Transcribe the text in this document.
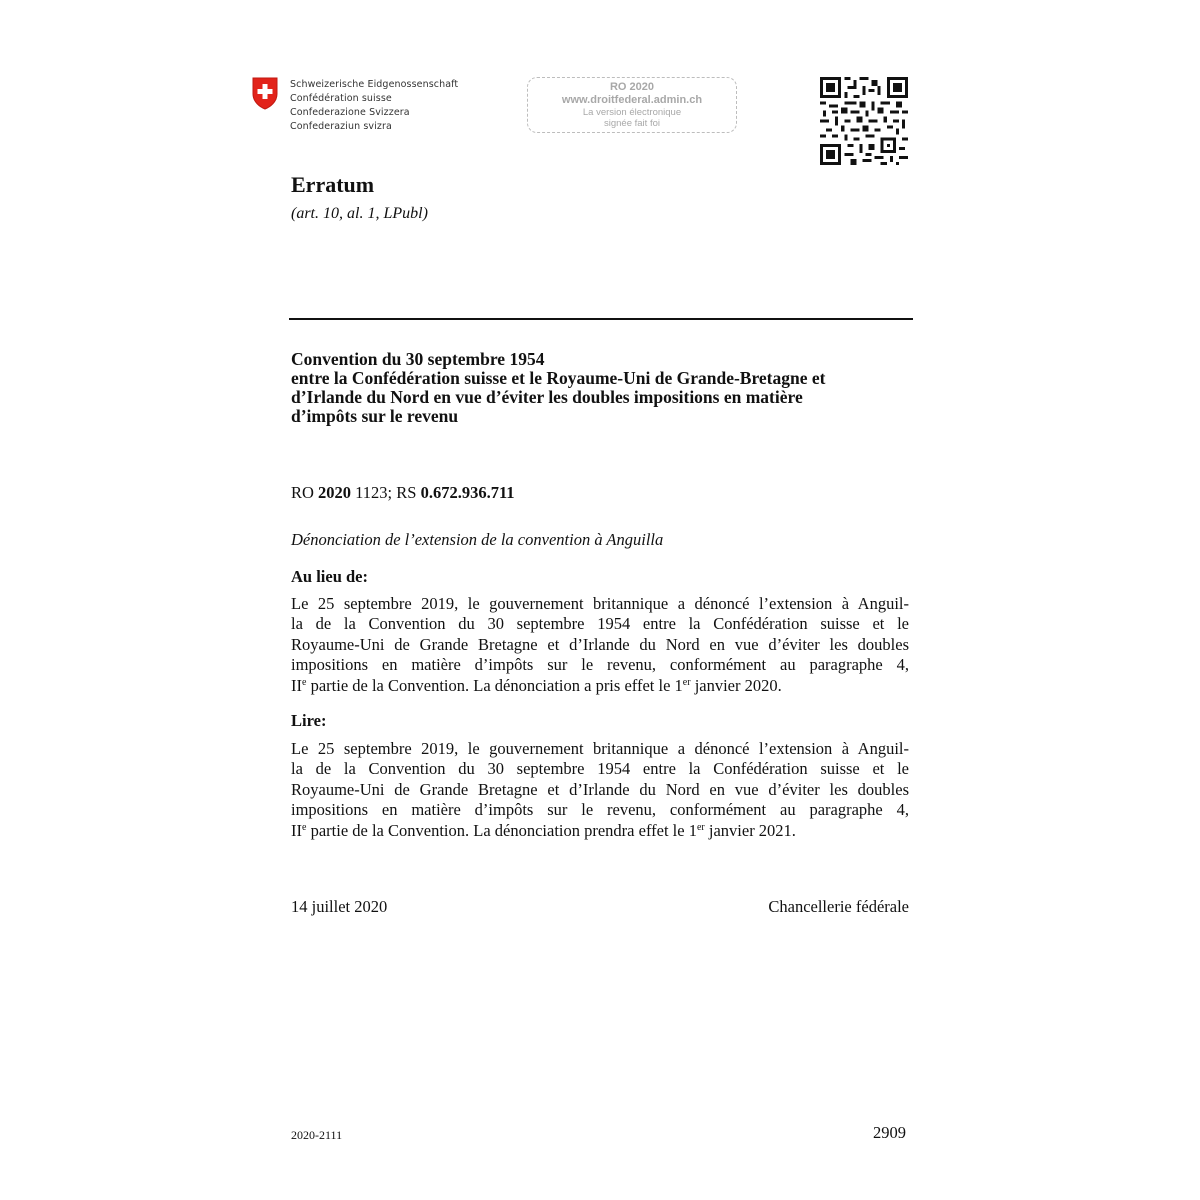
Schweizerische Eidgenossenschaft
Confédération suisse
Confederazione Svizzera
Confederaziun svizra
RO 2020
www.droitfederal.admin.ch
La version électronique
signée fait foi
Erratum
(art. 10, al. 1, LPubl)
Convention du 30 septembre 1954
entre la Confédération suisse et le Royaume-Uni de Grande-Bretagne et
d’Irlande du Nord en vue d’éviter les doubles impositions en matière
d’impôts sur le revenu
RO 2020 1123; RS 0.672.936.711
Dénonciation de l’extension de la convention à Anguilla
Au lieu de:
Le 25 septembre 2019, le gouvernement britannique a dénoncé l’extension à Anguil-
la de la Convention du 30 septembre 1954 entre la Confédération suisse et le
Royaume-Uni de Grande Bretagne et d’Irlande du Nord en vue d’éviter les doubles
impositions en matière d’impôts sur le revenu, conformément au paragraphe 4,
IIe partie de la Convention. La dénonciation a pris effet le 1er janvier 2020.
Lire:
Le 25 septembre 2019, le gouvernement britannique a dénoncé l’extension à Anguil-
la de la Convention du 30 septembre 1954 entre la Confédération suisse et le
Royaume-Uni de Grande Bretagne et d’Irlande du Nord en vue d’éviter les doubles
impositions en matière d’impôts sur le revenu, conformément au paragraphe 4,
IIe partie de la Convention. La dénonciation prendra effet le 1er janvier 2021.
14 juillet 2020	Chancellerie fédérale
2020-2111	2909
